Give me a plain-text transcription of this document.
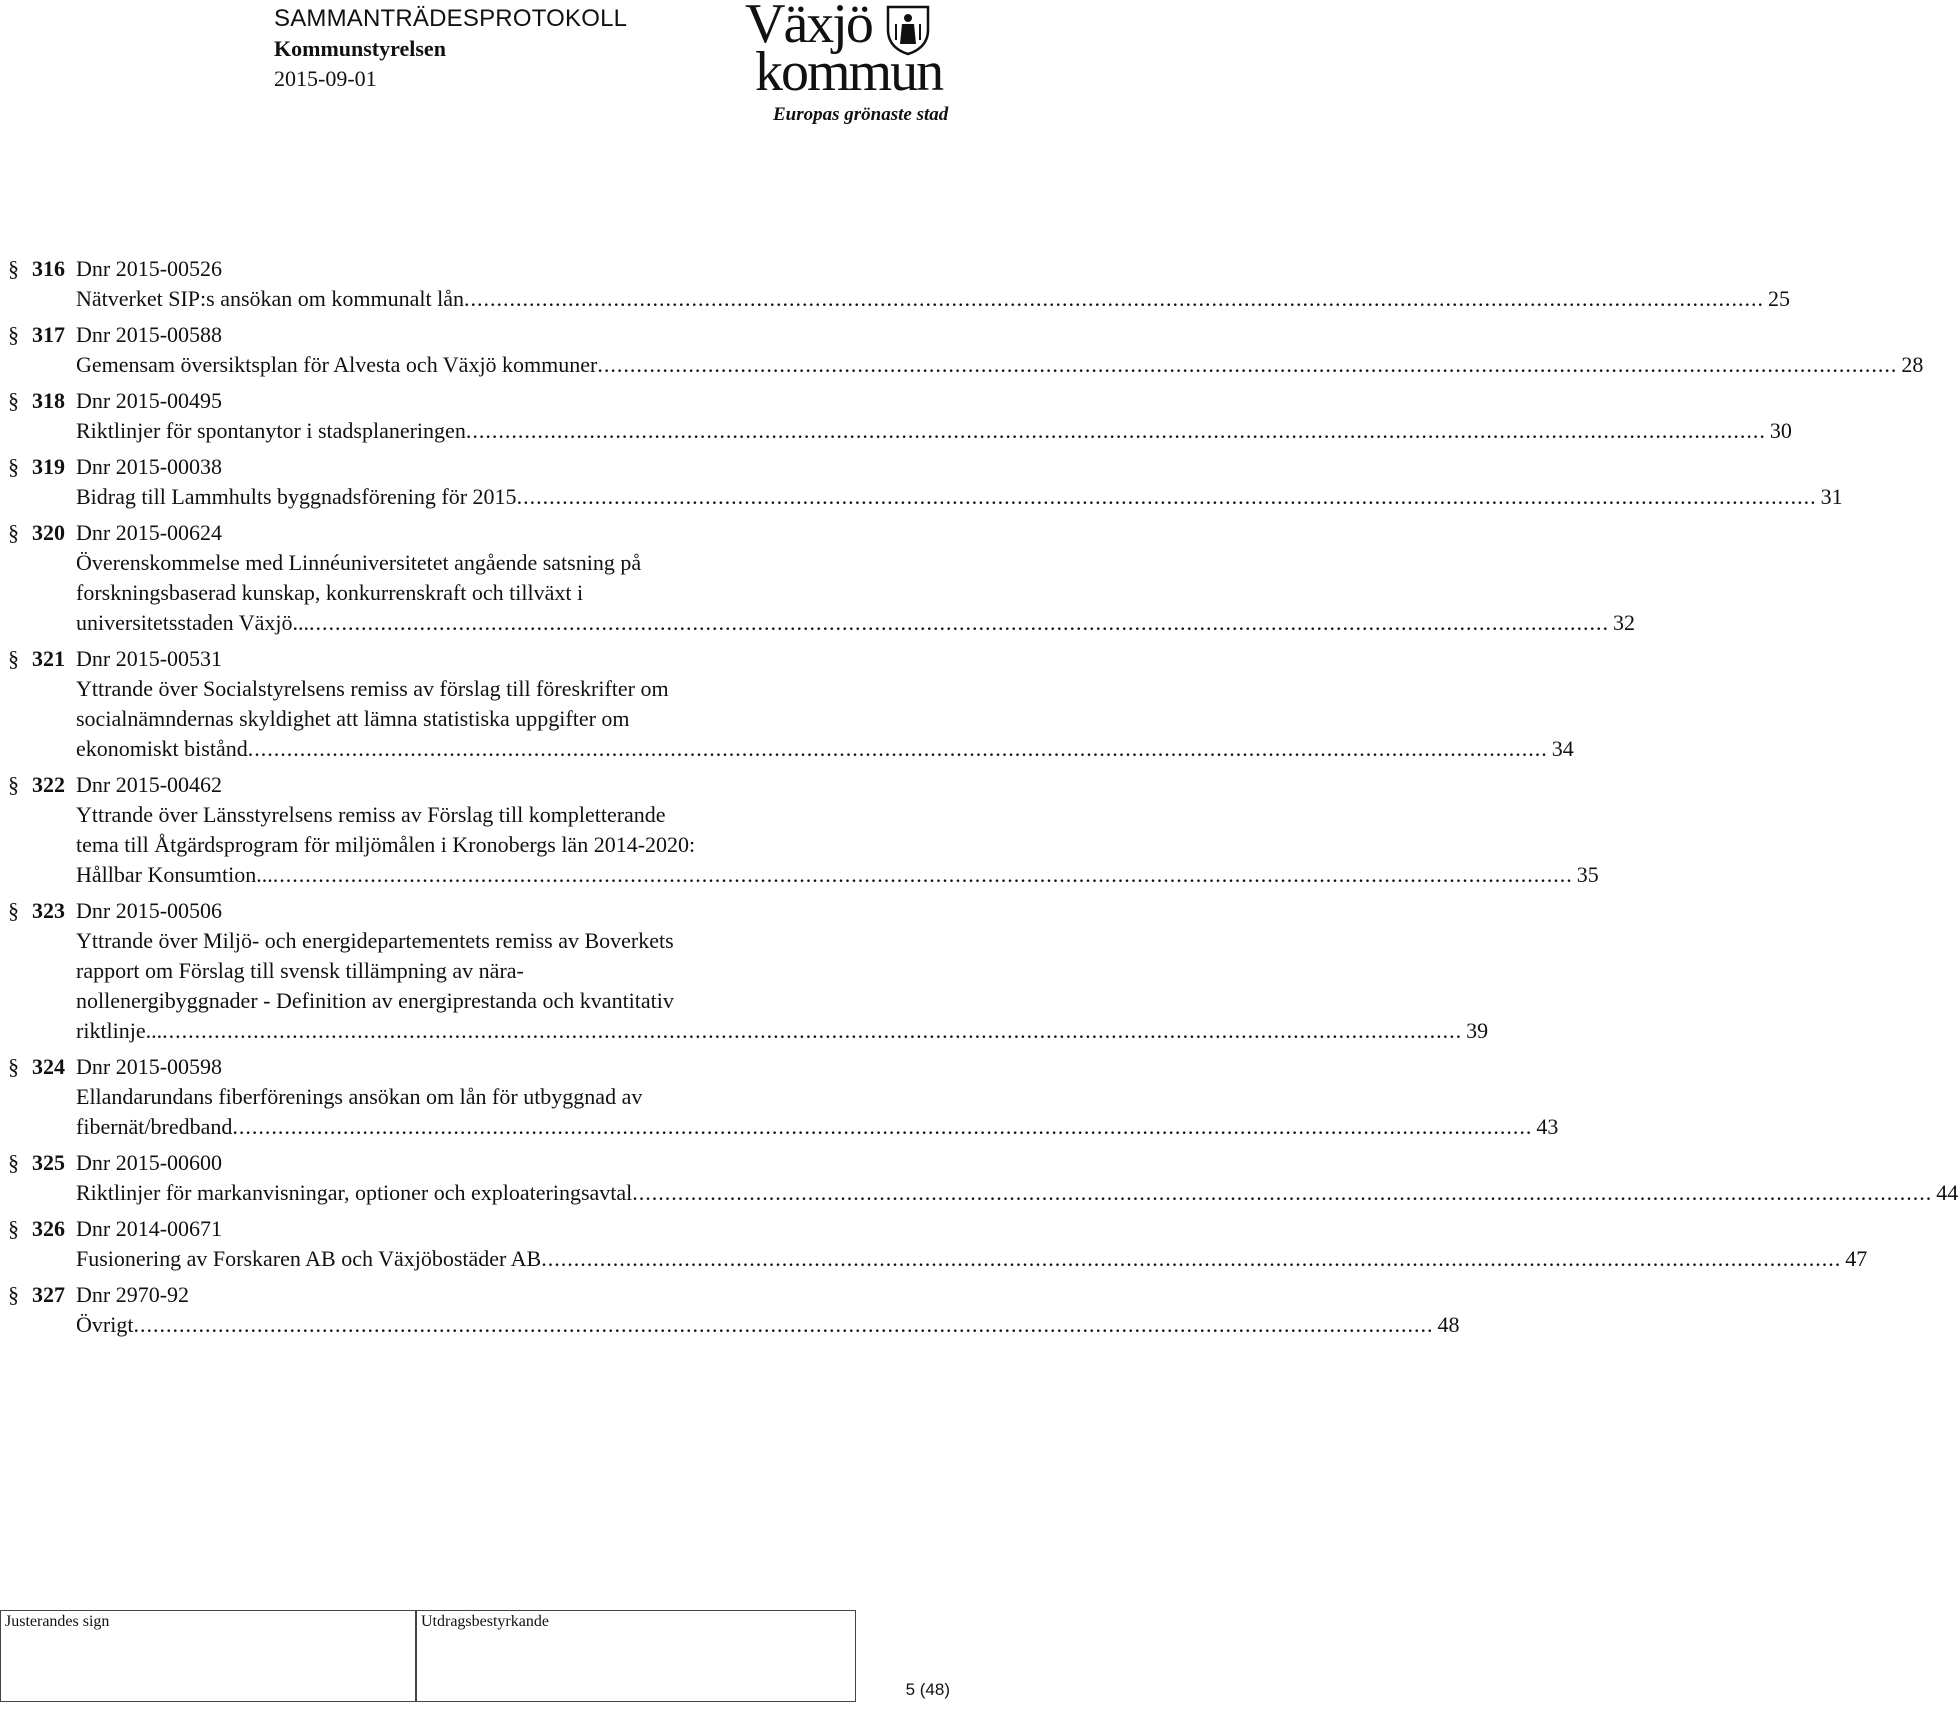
SAMMANTRÄDESPROTOKOLL
Kommunstyrelsen
2015-09-01
Växjö
kommun
Europas grönaste stad
§ 316 Dnr 2015-00526
Nätverket SIP:s ansökan om kommunalt lån .....	25
§ 317 Dnr 2015-00588
Gemensam översiktsplan för Alvesta och Växjö kommuner .....	28
§ 318 Dnr 2015-00495
Riktlinjer för spontanytor i stadsplaneringen .....	30
§ 319 Dnr 2015-00038
Bidrag till Lammhults byggnadsförening för 2015 .....	31
§ 320 Dnr 2015-00624
Överenskommelse med Linnéuniversitetet angående satsning på
forskningsbaserad kunskap, konkurrenskraft och tillväxt i
universitetsstaden Växjö... .....	32
§ 321 Dnr 2015-00531
Yttrande över Socialstyrelsens remiss av förslag till föreskrifter om
socialnämndernas skyldighet att lämna statistiska uppgifter om
ekonomiskt bistånd .....	34
§ 322 Dnr 2015-00462
Yttrande över Länsstyrelsens remiss av Förslag till kompletterande
tema till Åtgärdsprogram för miljömålen i Kronobergs län 2014-2020:
Hållbar Konsumtion... .....	35
§ 323 Dnr 2015-00506
Yttrande över Miljö- och energidepartementets remiss av Boverkets
rapport om Förslag till svensk tillämpning av nära-
nollenergibyggnader - Definition av energiprestanda och kvantitativ
riktlinje... .....	39
§ 324 Dnr 2015-00598
Ellandarundans fiberförenings ansökan om lån för utbyggnad av
fibernät/bredband .....	43
§ 325 Dnr 2015-00600
Riktlinjer för markanvisningar, optioner och exploateringsavtal .....	44
§ 326 Dnr 2014-00671
Fusionering av Forskaren AB och Växjöbostäder AB .....	47
§ 327 Dnr 2970-92
Övrigt .....	48
Justerandes sign	Utdragsbestyrkande
5 (48)
